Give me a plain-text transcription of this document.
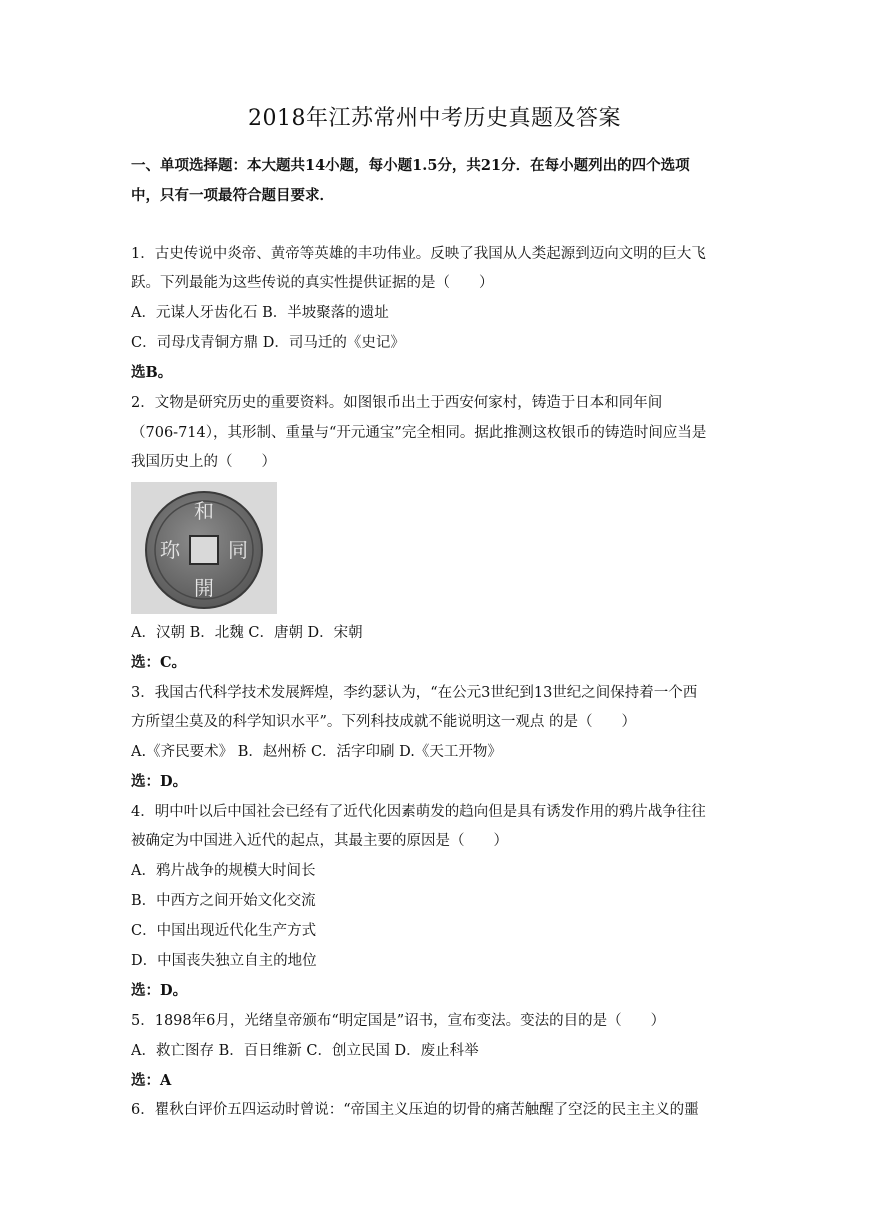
2018年江苏常州中考历史真题及答案
一、单项选择题：本大题共14小题，每小题1.5分，共21分．在每小题列出的四个选项
中，只有一项最符合题目要求．
1．古史传说中炎帝、黄帝等英雄的丰功伟业。反映了我国从人类起源到迈向文明的巨大飞
跃。下列最能为这些传说的真实性提供证据的是（　　）
A．元谋人牙齿化石 B．半坡聚落的遗址
C．司母戊青铜方鼎 D．司马迁的《史记》
选B。
2．文物是研究历史的重要资料。如图银币出土于西安何家村，铸造于日本和同年间
（706-714），其形制、重量与“开元通宝”完全相同。据此推测这枚银币的铸造时间应当是
我国历史上的（　　）
和
同
開
珎
A．汉朝 B．北魏 C．唐朝 D．宋朝
选：C。
3．我国古代科学技术发展辉煌，李约瑟认为，“在公元3世纪到13世纪之间保持着一个西
方所望尘莫及的科学知识水平”。下列科技成就不能说明这一观点 的是（　　）
A.《齐民要术》 B．赵州桥 C．活字印刷 D.《天工开物》
选：D。
4．明中叶以后中国社会已经有了近代化因素萌发的趋向但是具有诱发作用的鸦片战争往往
被确定为中国进入近代的起点，其最主要的原因是（　　）
A．鸦片战争的规模大时间长
B．中西方之间开始文化交流
C．中国出现近代化生产方式
D．中国丧失独立自主的地位
选：D。
5．1898年6月，光绪皇帝颁布“明定国是”诏书，宣布变法。变法的目的是（　　）
A．救亡图存 B．百日维新 C．创立民国 D．废止科举
选：A
6．瞿秋白评价五四运动时曾说：“帝国主义压迫的切骨的痛苦触醒了空泛的民主主义的噩
